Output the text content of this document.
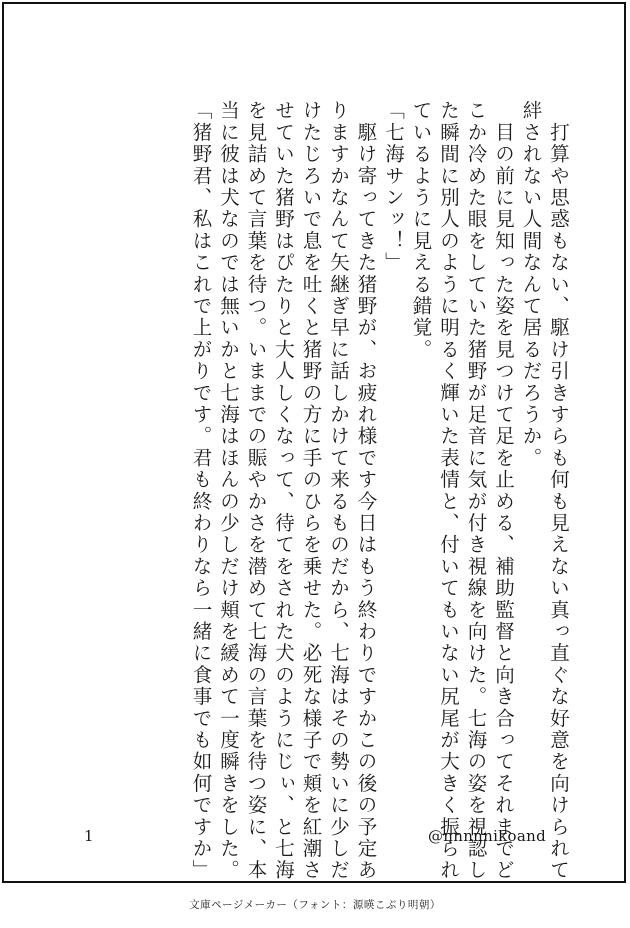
　打算や思惑もない、駆け引きすらも何も見えない真っ直ぐな好意を向けられて
絆されない人間なんて居るだろうか。
　目の前に見知った姿を見つけて足を止める、補助監督と向き合ってそれまでど
こか冷めた眼をしていた猪野が足音に気が付き視線を向けた。七海の姿を視認し
た瞬間に別人のように明るく輝いた表情と、付いてもいない尻尾が大きく振られ
ているように見える錯覚。
「七海サンッ！」
　駆け寄ってきた猪野が、お疲れ様です今日はもう終わりですかこの後の予定あ
りますかなんて矢継ぎ早に話しかけて来るものだから、七海はその勢いに少しだ
けたじろいで息を吐くと猪野の方に手のひらを乗せた。必死な様子で頬を紅潮さ
せていた猪野はぴたりと大人しくなって、待てをされた犬のようにじぃ、と七海
を見詰めて言葉を待つ。いままでの賑やかさを潜めて七海の言葉を待つ姿に、本
当に彼は犬なのでは無いかと七海はほんの少しだけ頬を緩めて一度瞬きをした。
「猪野君、私はこれで上がりです。君も終わりなら一緒に食事でも如何ですか」
1	@nnnnnikoand
文庫ページメーカー（フォント：源暎こぶり明朝）
